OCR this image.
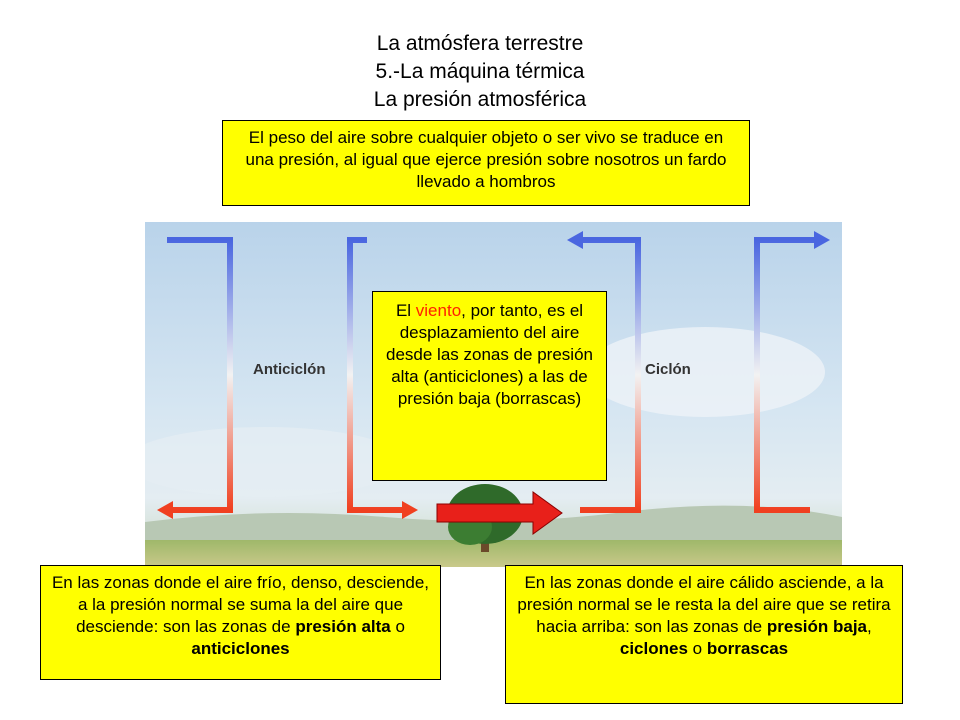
La atmósfera terrestre
5.-La máquina térmica
La presión atmosférica
El peso del aire sobre cualquier objeto o ser vivo se traduce en una presión, al igual que ejerce presión sobre nosotros un fardo llevado a hombros
Anticiclón	Ciclón
El viento, por tanto, es el desplazamiento del aire desde las zonas de presión alta (anticiclones) a las de presión baja (borrascas)
En las zonas donde el aire frío, denso, desciende, a la presión normal se suma la del aire que desciende: son las zonas de presión alta o anticiclones
En las zonas donde el aire cálido asciende, a la presión normal se le resta la del aire que se retira hacia arriba: son las zonas de presión baja, ciclones o borrascas
